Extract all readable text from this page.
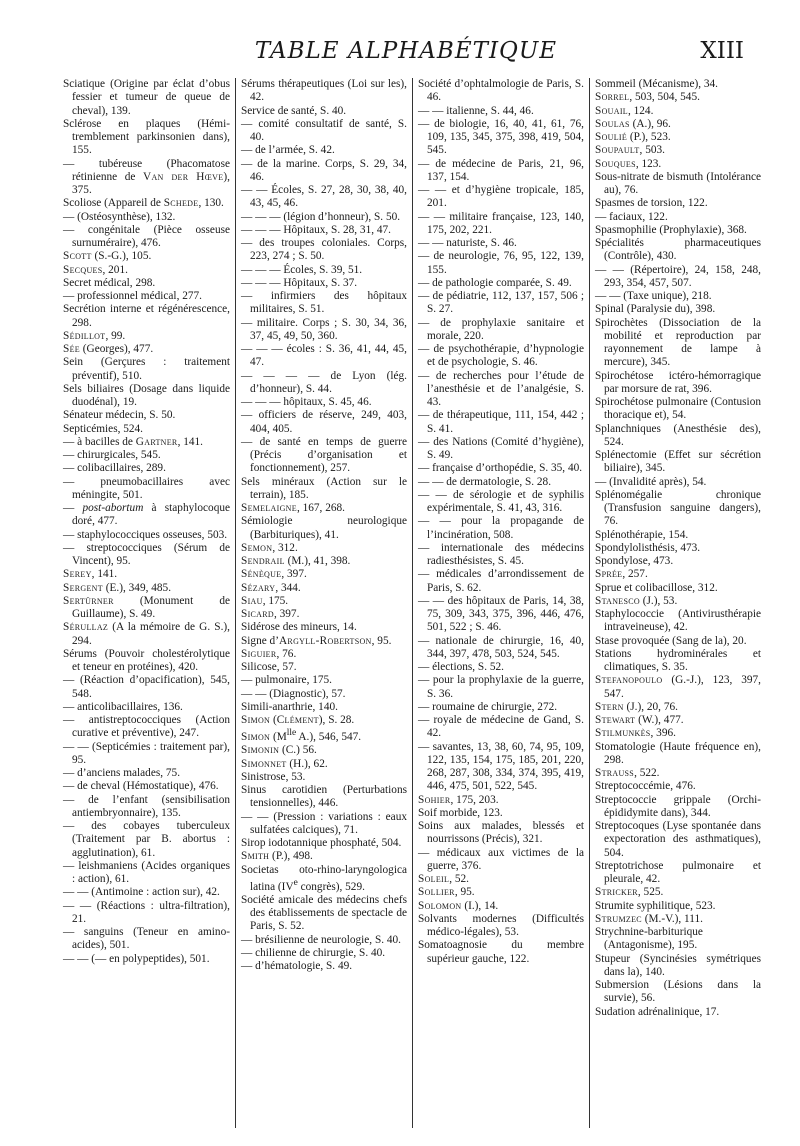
TABLE ALPHABÉTIQUE	XIII
Sciatique (Origine par éclat d’obus fessier et tumeur de queue de cheval), 139.
Sclérose en plaques (Hémi-tremblement parkinsonien dans), 155.
— tubéreuse (Phacomatose rétinienne de Van der Hœve), 375.
Scoliose (Appareil de Schede, 130.
— (Ostéosynthèse), 132.
— congénitale (Pièce osseuse surnuméraire), 476.
Scott (S.-G.), 105.
Secques, 201.
Secret médical, 298.
— professionnel médical, 277.
Secrétion interne et régénérescence, 298.
Sédillot, 99.
Sée (Georges), 477.
Sein (Gerçures : traitement préventif), 510.
Sels biliaires (Dosage dans liquide duodénal), 19.
Sénateur médecin, S. 50.
Septicémies, 524.
— à bacilles de Gartner, 141.
— chirurgicales, 545.
— colibacillaires, 289.
— pneumobacillaires avec méningite, 501.
— post-abortum à staphylocoque doré, 477.
— staphylococciques osseuses, 503.
— streptococciques (Sérum de Vincent), 95.
Serey, 141.
Sergent (E.), 349, 485.
Sertürner (Monument de Guillaume), S. 49.
Sérullaz (A la mémoire de G. S.), 294.
Sérums (Pouvoir cholestérolytique et teneur en protéines), 420.
— (Réaction d’opacification), 545, 548.
— anticolibacillaires, 136.
— antistreptococciques (Action curative et préventive), 247.
— — (Septicémies : traitement par), 95.
— d’anciens malades, 75.
— de cheval (Hémostatique), 476.
— de l’enfant (sensibilisation antiembryonnaire), 135.
— des cobayes tuberculeux (Traitement par B. abortus : agglutination), 61.
— leishmaniens (Acides organiques : action), 61.
— — (Antimoine : action sur), 42.
— — (Réactions : ultra-filtration), 21.
— sanguins (Teneur en amino-acides), 501.
— — (— en polypeptides), 501.
Sérums thérapeutiques (Loi sur les), 42.
Service de santé, S. 40.
— comité consultatif de santé, S. 40.
— de l’armée, S. 42.
— de la marine. Corps, S. 29, 34, 46.
— — Écoles, S. 27, 28, 30, 38, 40, 43, 45, 46.
— — — (légion d’honneur), S. 50.
— — — Hôpitaux, S. 28, 31, 47.
— des troupes coloniales. Corps, 223, 274 ; S. 50.
— — — Écoles, S. 39, 51.
— — — Hôpitaux, S. 37.
— infirmiers des hôpitaux militaires, S. 51.
— militaire. Corps ; S. 30, 34, 36, 37, 45, 49, 50, 360.
— — — écoles : S. 36, 41, 44, 45, 47.
— — — — de Lyon (lég. d’honneur), S. 44.
— — — hôpitaux, S. 45, 46.
— officiers de réserve, 249, 403, 404, 405.
— de santé en temps de guerre (Précis d’organisation et fonctionnement), 257.
Sels minéraux (Action sur le terrain), 185.
Semelaigne, 167, 268.
Sémiologie neurologique (Barbituriques), 41.
Semon, 312.
Sendrail (M.), 41, 398.
Sénèque, 397.
Sézary, 344.
Siau, 175.
Sicard, 397.
Sidérose des mineurs, 14.
Signe d’Argyll-Robertson, 95.
Siguier, 76.
Silicose, 57.
— pulmonaire, 175.
— — (Diagnostic), 57.
Simili-anarthrie, 140.
Simon (Clément), S. 28.
Simon ($M^{lle}$ A.), 546, 547.
Simonin (C.) 56.
Simonnet (H.), 62.
Sinistrose, 53.
Sinus carotidien (Perturbations tensionnelles), 446.
— — (Pression : variations : eaux sulfatées calciques), 71.
Sirop iodotannique phosphaté, 504.
Smith (P.), 498.
Societas oto-rhino-laryngologica latina (IVe congrès), 529.
Société amicale des médecins chefs des établissements de spectacle de Paris, S. 52.
— brésilienne de neurologie, S. 40.
— chilienne de chirurgie, S. 40.
— d’hématologie, S. 49.
Société d’ophtalmologie de Paris, S. 46.
— — italienne, S. 44, 46.
— de biologie, 16, 40, 41, 61, 76, 109, 135, 345, 375, 398, 419, 504, 545.
— de médecine de Paris, 21, 96, 137, 154.
— — et d’hygiène tropicale, 185, 201.
— — militaire française, 123, 140, 175, 202, 221.
— — naturiste, S. 46.
— de neurologie, 76, 95, 122, 139, 155.
— de pathologie comparée, S. 49.
— de pédiatrie, 112, 137, 157, 506 ; S. 27.
— de prophylaxie sanitaire et morale, 220.
— de psychothérapie, d’hypnologie et de psychologie, S. 46.
— de recherches pour l’étude de l’anesthésie et de l’analgésie, S. 43.
— de thérapeutique, 111, 154, 442 ; S. 41.
— des Nations (Comité d’hygiène), S. 49.
— française d’orthopédie, S. 35, 40.
— — de dermatologie, S. 28.
— — de sérologie et de syphilis expérimentale, S. 41, 43, 316.
— — pour la propagande de l’incinération, 508.
— internationale des médecins radiesthésistes, S. 45.
— médicales d’arrondissement de Paris, S. 62.
— — des hôpitaux de Paris, 14, 38, 75, 309, 343, 375, 396, 446, 476, 501, 522 ; S. 46.
— nationale de chirurgie, 16, 40, 344, 397, 478, 503, 524, 545.
— élections, S. 52.
— pour la prophylaxie de la guerre, S. 36.
— roumaine de chirurgie, 272.
— royale de médecine de Gand, S. 42.
— savantes, 13, 38, 60, 74, 95, 109, 122, 135, 154, 175, 185, 201, 220, 268, 287, 308, 334, 374, 395, 419, 446, 475, 501, 522, 545.
Sohier, 175, 203.
Soif morbide, 123.
Soins aux malades, blessés et nourrissons (Précis), 321.
— médicaux aux victimes de la guerre, 376.
Soleil, 52.
Sollier, 95.
Solomon (I.), 14.
Solvants modernes (Difficultés médico-légales), 53.
Somatoagnosie du membre supérieur gauche, 122.
Sommeil (Mécanisme), 34.
Sorrel, 503, 504, 545.
Souail, 124.
Soulas (A.), 96.
Soulié (P.), 523.
Soupault, 503.
Souques, 123.
Sous-nitrate de bismuth (Intolérance au), 76.
Spasmes de torsion, 122.
— faciaux, 122.
Spasmophilie (Prophylaxie), 368.
Spécialités pharmaceutiques (Contrôle), 430.
— — (Répertoire), 24, 158, 248, 293, 354, 457, 507.
— — (Taxe unique), 218.
Spinal (Paralysie du), 398.
Spirochètes (Dissociation de la mobilité et reproduction par rayonnement de lampe à mercure), 345.
Spirochétose ictéro-hémorragique par morsure de rat, 396.
Spirochétose pulmonaire (Contusion thoracique et), 54.
Splanchniques (Anesthésie des), 524.
Splénectomie (Effet sur sécrétion biliaire), 345.
— (Invalidité après), 54.
Splénomégalie chronique (Transfusion sanguine dangers), 76.
Splénothérapie, 154.
Spondylolisthésis, 473.
Spondylose, 473.
Sprée, 257.
Sprue et colibacillose, 312.
Stanesco (J.), 53.
Staphylococcie (Antivirusthérapie intraveineuse), 42.
Stase provoquée (Sang de la), 20.
Stations hydrominérales et climatiques, S. 35.
Stefanopoulo (G.-J.), 123, 397, 547.
Stern (J.), 20, 76.
Stewart (W.), 477.
Stilmunkès, 396.
Stomatologie (Haute fréquence en), 298.
Strauss, 522.
Streptococcémie, 476.
Streptococcie grippale (Orchi-épididymite dans), 344.
Streptocoques (Lyse spontanée dans expectoration des asthmatiques), 504.
Streptotrichose pulmonaire et pleurale, 42.
Stricker, 525.
Strumite syphilitique, 523.
Strumzec (M.-V.), 111.
Strychnine-barbiturique (Antagonisme), 195.
Stupeur (Syncinésies symétriques dans la), 140.
Submersion (Lésions dans la survie), 56.
Sudation adrénalinique, 17.
